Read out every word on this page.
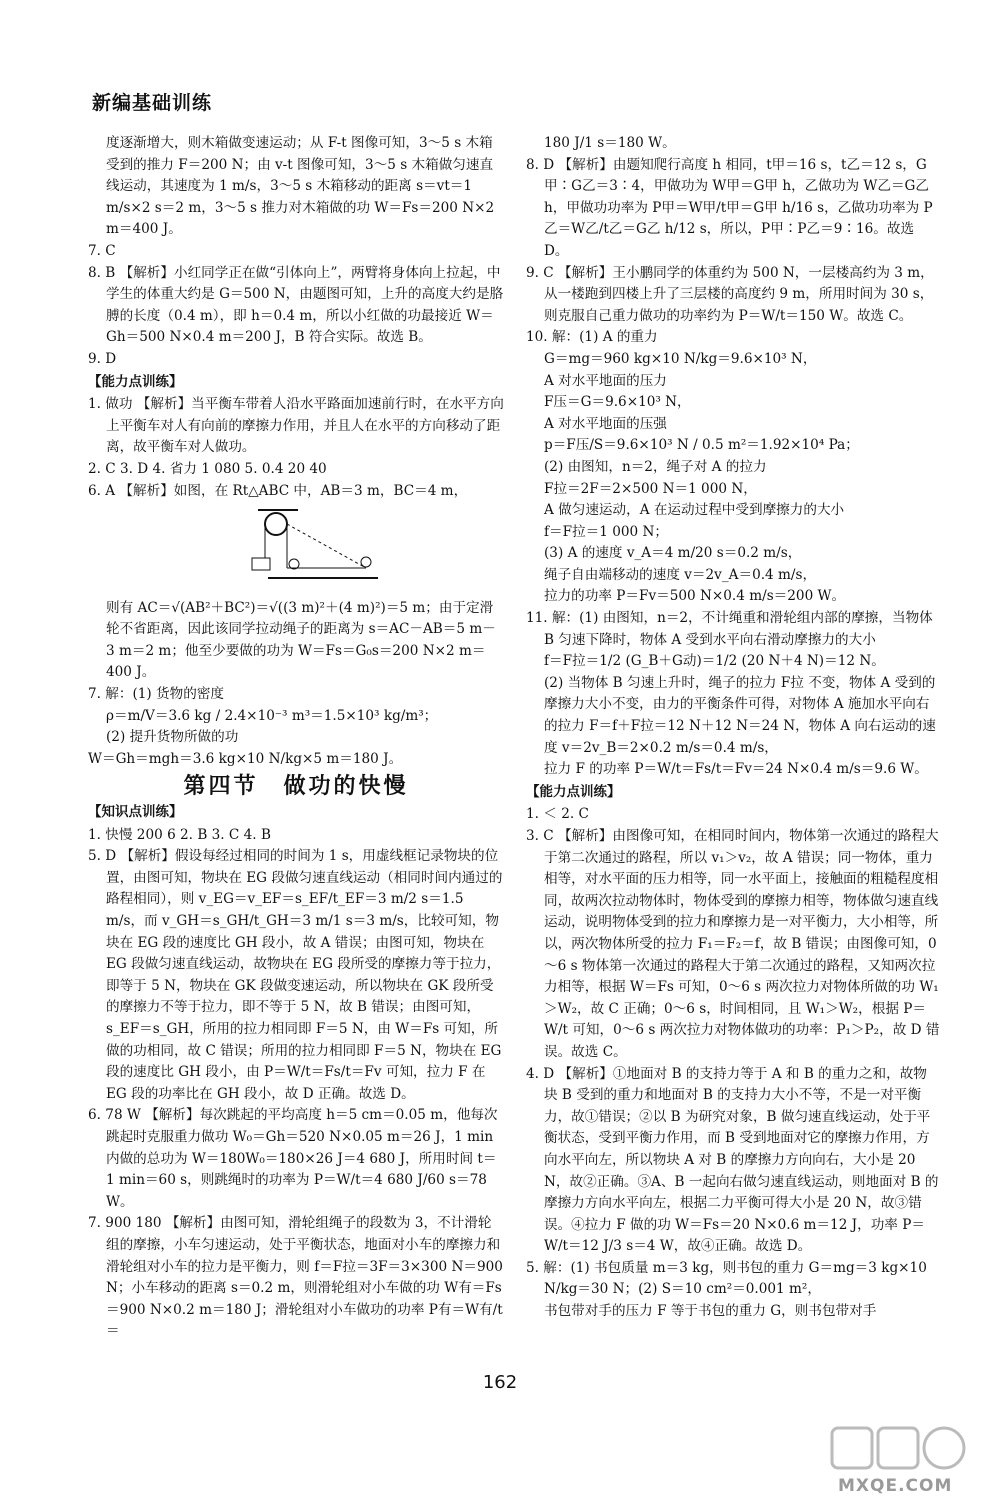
新编基础训练

度逐渐增大，则木箱做变速运动；从 F-t 图像可知，3～5 s 木箱受到的推力 F＝200 N；由 v-t 图像可知，3～5 s 木箱做匀速直线运动，其速度为 1 m/s，3～5 s 木箱移动的距离 s＝vt＝1 m/s×2 s＝2 m，3～5 s 推力对木箱做的功 W＝Fs＝200 N×2 m＝400 J。

7. C

8. B 【解析】小红同学正在做“引体向上”，两臂将身体向上拉起，中学生的体重大约是 G＝500 N，由题图可知，上升的高度大约是胳膊的长度（0.4 m），即 h＝0.4 m，所以小红做的功最接近 W＝Gh＝500 N×0.4 m＝200 J，B 符合实际。故选 B。

9. D

【能力点训练】

1. 做功 【解析】当平衡车带着人沿水平路面加速前行时，在水平方向上平衡车对人有向前的摩擦力作用，并且人在水平的方向移动了距离，故平衡车对人做功。

2. C 3. D 4. 省力 1 080 5. 0.4 20 40

6. A 【解析】如图，在 Rt△ABC 中，AB＝3 m，BC＝4 m，

则有 AC＝√(AB²＋BC²)＝√((3 m)²＋(4 m)²)＝5 m；由于定滑轮不省距离，因此该同学拉动绳子的距离为 s＝AC－AB＝5 m－3 m＝2 m；他至少要做的功为 W＝Fs＝G₀s＝200 N×2 m＝400 J。

7. 解：(1) 货物的密度

ρ＝m/V＝3.6 kg / 2.4×10⁻³ m³＝1.5×10³ kg/m³；

(2) 提升货物所做的功

W＝Gh＝mgh＝3.6 kg×10 N/kg×5 m＝180 J。

第四节　做功的快慢
【知识点训练】

1. 快慢 200 6 2. B 3. C 4. B

5. D 【解析】假设每经过相同的时间为 1 s，用虚线框记录物块的位置，由图可知，物块在 EG 段做匀速直线运动（相同时间内通过的路程相同），则 v_EG＝v_EF＝s_EF/t_EF＝3 m/2 s＝1.5 m/s，而 v_GH＝s_GH/t_GH＝3 m/1 s＝3 m/s，比较可知，物块在 EG 段的速度比 GH 段小，故 A 错误；由图可知，物块在 EG 段做匀速直线运动，故物块在 EG 段所受的摩擦力等于拉力，即等于 5 N，物块在 GK 段做变速运动，所以物块在 GK 段所受的摩擦力不等于拉力，即不等于 5 N，故 B 错误；由图可知，s_EF＝s_GH，所用的拉力相同即 F＝5 N，由 W＝Fs 可知，所做的功相同，故 C 错误；所用的拉力相同即 F＝5 N，物块在 EG 段的速度比 GH 段小，由 P＝W/t＝Fs/t＝Fv 可知，拉力 F 在 EG 段的功率比在 GH 段小，故 D 正确。故选 D。

6. 78 W 【解析】每次跳起的平均高度 h＝5 cm＝0.05 m，他每次跳起时克服重力做功 W₀＝Gh＝520 N×0.05 m＝26 J，1 min 内做的总功为 W＝180W₀＝180×26 J＝4 680 J，所用时间 t＝1 min＝60 s，则跳绳时的功率为 P＝W/t＝4 680 J/60 s＝78 W。

7. 900 180 【解析】由图可知，滑轮组绳子的段数为 3，不计滑轮组的摩擦，小车匀速运动，处于平衡状态，地面对小车的摩擦力和滑轮组对小车的拉力是平衡力，则 f＝F拉＝3F＝3×300 N＝900 N；小车移动的距离 s＝0.2 m，则滑轮组对小车做的功 W有＝Fs＝900 N×0.2 m＝180 J；滑轮组对小车做功的功率 P有＝W有/t＝

180 J/1 s＝180 W。

8. D 【解析】由题知爬行高度 h 相同，t甲＝16 s，t乙＝12 s，G甲∶G乙＝3∶4，甲做功为 W甲＝G甲 h，乙做功为 W乙＝G乙 h，甲做功功率为 P甲＝W甲/t甲＝G甲 h/16 s，乙做功功率为 P乙＝W乙/t乙＝G乙 h/12 s，所以，P甲∶P乙＝9∶16。故选 D。

9. C 【解析】王小鹏同学的体重约为 500 N，一层楼高约为 3 m，从一楼跑到四楼上升了三层楼的高度约 9 m，所用时间为 30 s，则克服自己重力做功的功率约为 P＝W/t＝150 W。故选 C。

10. 解：(1) A 的重力

G＝mg＝960 kg×10 N/kg＝9.6×10³ N，

A 对水平地面的压力

F压＝G＝9.6×10³ N，

A 对水平地面的压强

p＝F压/S＝9.6×10³ N / 0.5 m²＝1.92×10⁴ Pa；

(2) 由图知，n＝2，绳子对 A 的拉力

F拉＝2F＝2×500 N＝1 000 N，

A 做匀速运动，A 在运动过程中受到摩擦力的大小

f＝F拉＝1 000 N；

(3) A 的速度 v_A＝4 m/20 s＝0.2 m/s，

绳子自由端移动的速度 v＝2v_A＝0.4 m/s，

拉力的功率 P＝Fv＝500 N×0.4 m/s＝200 W。

11. 解：(1) 由图知，n＝2，不计绳重和滑轮组内部的摩擦，当物体 B 匀速下降时，物体 A 受到水平向右滑动摩擦力的大小

f＝F拉＝1/2 (G_B＋G动)＝1/2 (20 N＋4 N)＝12 N。

(2) 当物体 B 匀速上升时，绳子的拉力 F拉 不变，物体 A 受到的摩擦力大小不变，由力的平衡条件可得，对物体 A 施加水平向右的拉力 F＝f＋F拉＝12 N＋12 N＝24 N，物体 A 向右运动的速度 v＝2v_B＝2×0.2 m/s＝0.4 m/s，

拉力 F 的功率 P＝W/t＝Fs/t＝Fv＝24 N×0.4 m/s＝9.6 W。

【能力点训练】

1. ＜ 2. C

3. C 【解析】由图像可知，在相同时间内，物体第一次通过的路程大于第二次通过的路程，所以 v₁＞v₂，故 A 错误；同一物体，重力相等，对水平面的压力相等，同一水平面上，接触面的粗糙程度相同，故两次拉动物体时，物体受到的摩擦力相等，物体做匀速直线运动，说明物体受到的拉力和摩擦力是一对平衡力，大小相等，所以，两次物体所受的拉力 F₁＝F₂＝f，故 B 错误；由图像可知，0～6 s 物体第一次通过的路程大于第二次通过的路程，又知两次拉力相等，根据 W＝Fs 可知，0～6 s 两次拉力对物体所做的功 W₁＞W₂，故 C 正确；0～6 s，时间相同，且 W₁＞W₂，根据 P＝W/t 可知，0～6 s 两次拉力对物体做功的功率：P₁＞P₂，故 D 错误。故选 C。

4. D 【解析】①地面对 B 的支持力等于 A 和 B 的重力之和，故物块 B 受到的重力和地面对 B 的支持力大小不等，不是一对平衡力，故①错误；②以 B 为研究对象，B 做匀速直线运动，处于平衡状态，受到平衡力作用，而 B 受到地面对它的摩擦力作用，方向水平向左，所以物块 A 对 B 的摩擦力方向向右，大小是 20 N，故②正确。③A、B 一起向右做匀速直线运动，则地面对 B 的摩擦力方向水平向左，根据二力平衡可得大小是 20 N，故③错误。④拉力 F 做的功 W＝Fs＝20 N×0.6 m＝12 J，功率 P＝W/t＝12 J/3 s＝4 W，故④正确。故选 D。

5. 解：(1) 书包质量 m＝3 kg，则书包的重力 G＝mg＝3 kg×10 N/kg＝30 N；(2) S＝10 cm²＝0.001 m²，

书包带对手的压力 F 等于书包的重力 G，则书包带对手

162
MXQE.COM
